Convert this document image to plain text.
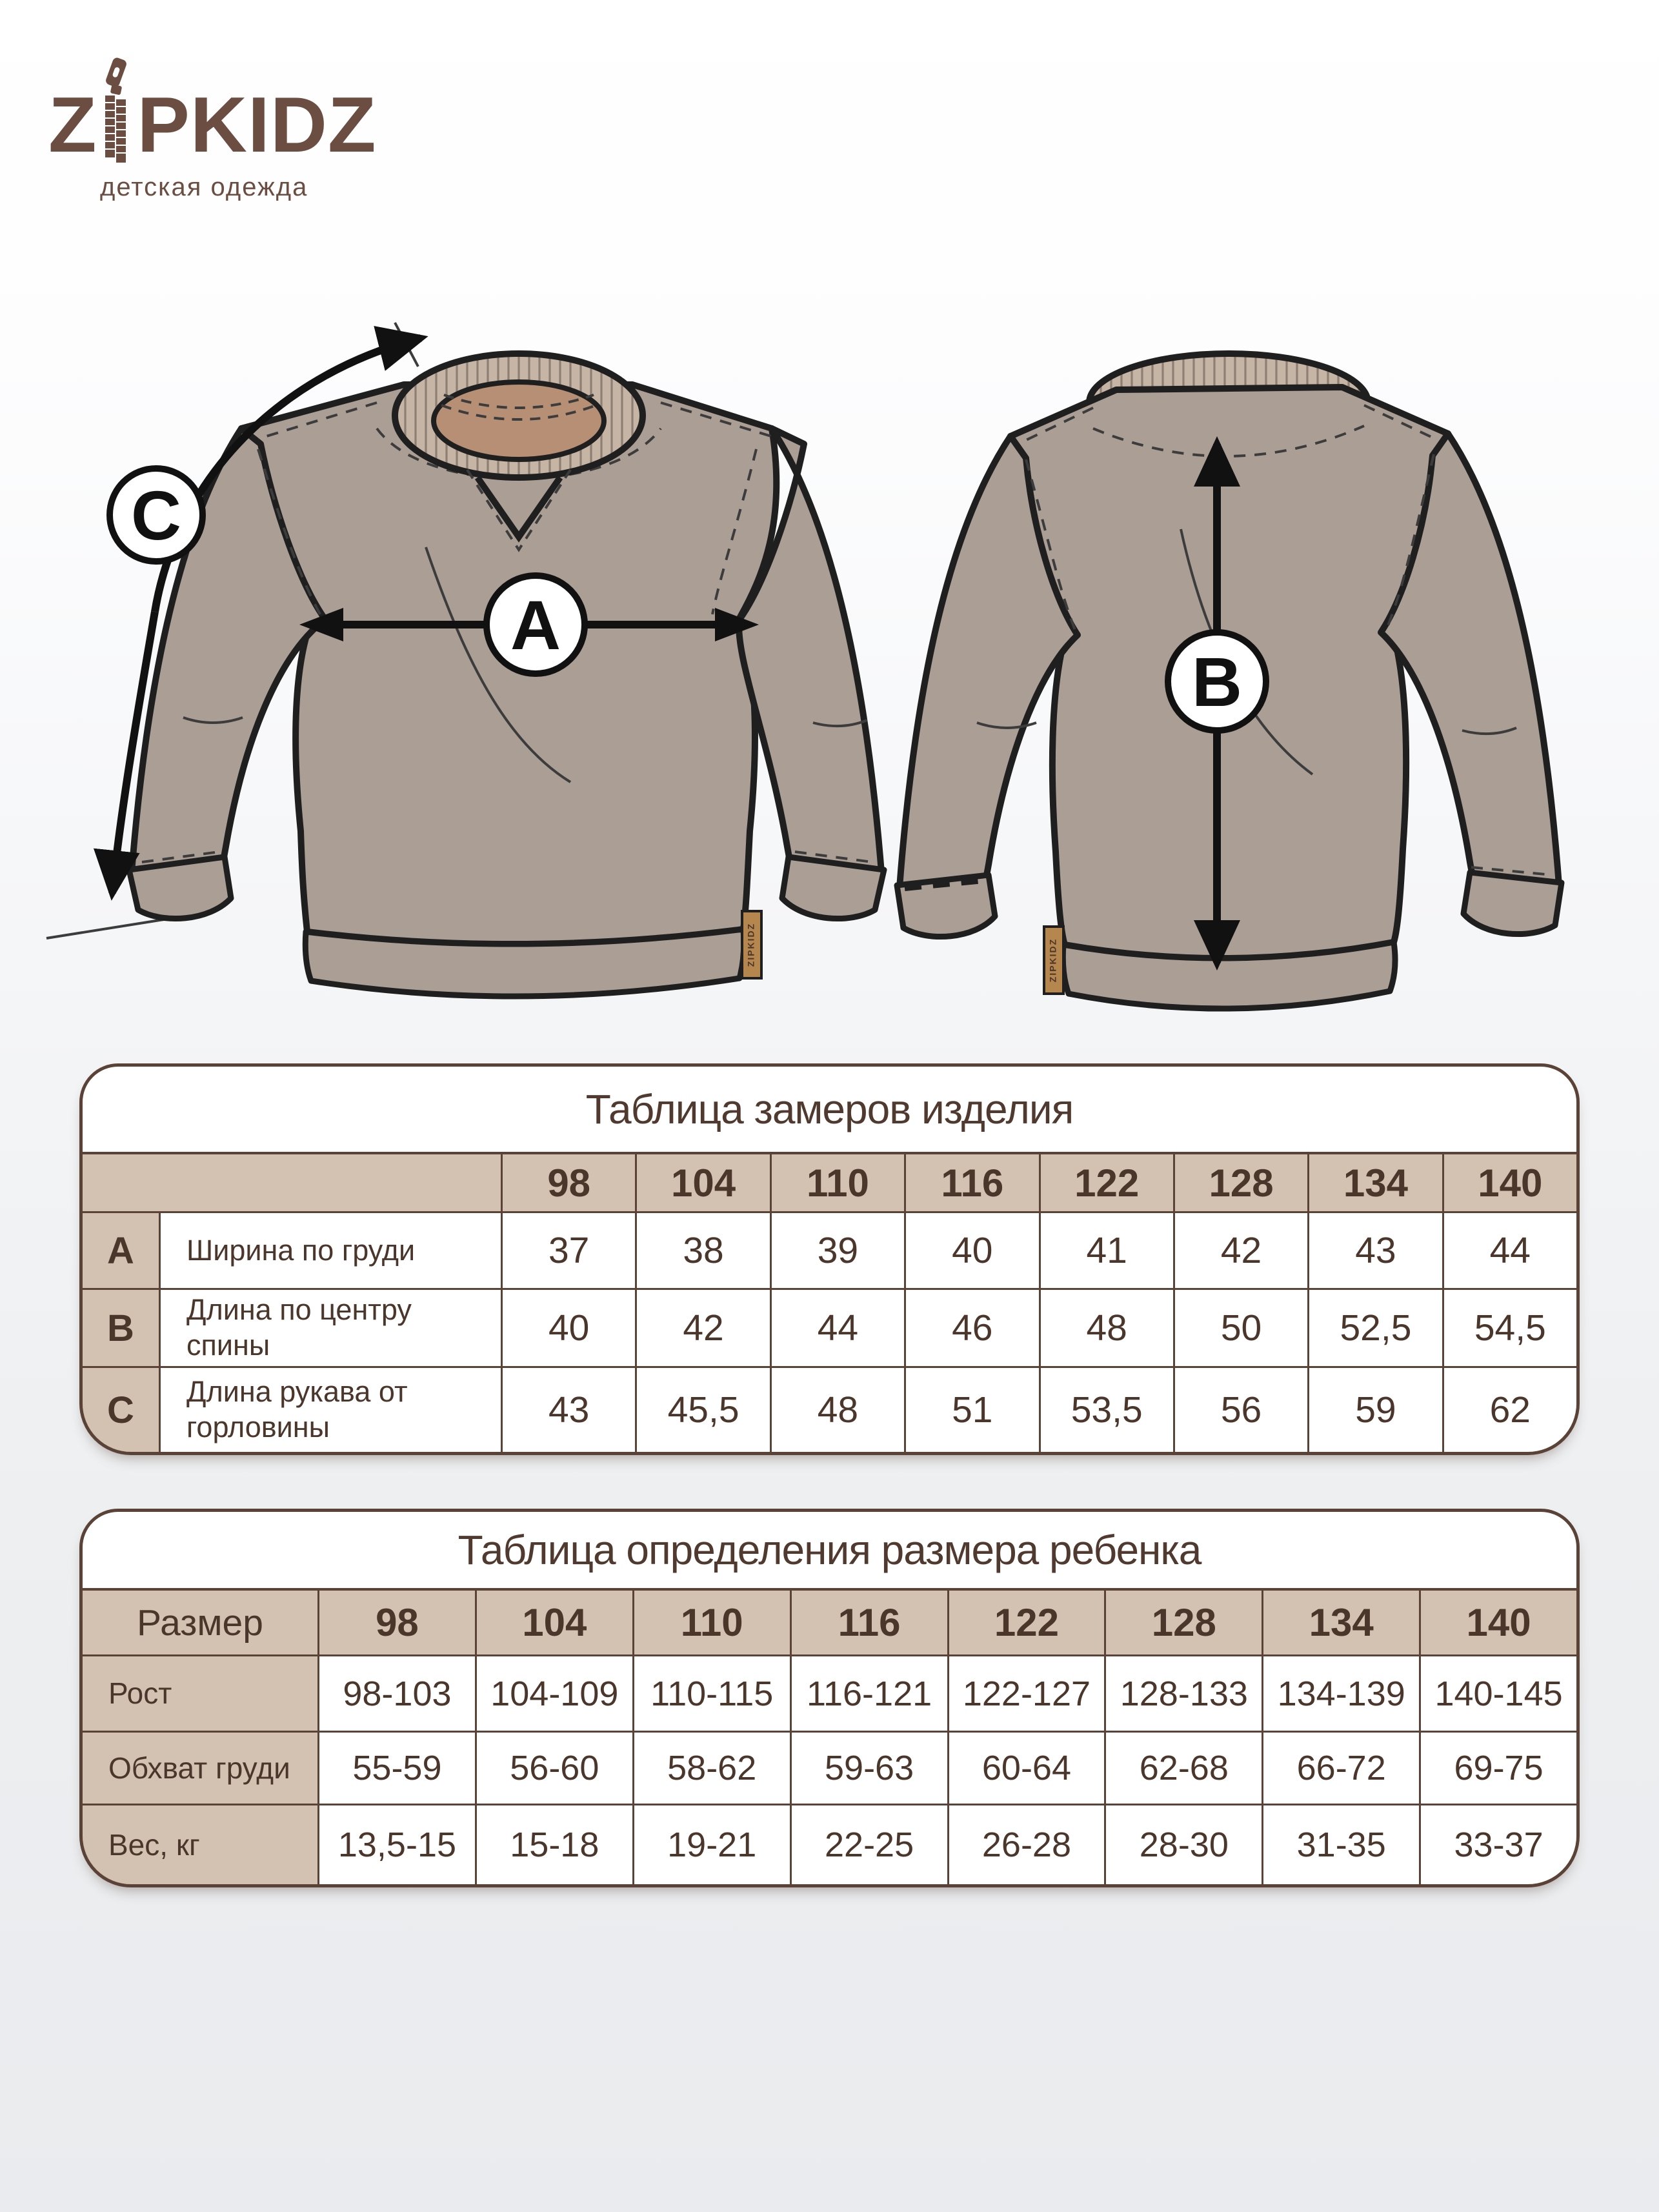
Z PKIDZ
детская одежда
ZIPKIDZ
C
A
ZIPKIDZ
B
Таблица замеров изделия
98	104	110	116	122	128	134	140
A	Ширина по груди	37	38	39	40	41	42	43	44
B	Длина по центру спины	40	42	44	46	48	50	52,5	54,5
C	Длина рукава от горловины	43	45,5	48	51	53,5	56	59	62
Таблица определения размера ребенка
Размер	98	104	110	116	122	128	134	140
Рост	98-103	104-109 110-115 116-121 122-127 128-133 134-139 140-145
Обхват груди	55-59	56-60	58-62	59-63	60-64	62-68	66-72	69-75
Вес, кг	13,5-15	15-18	19-21	22-25	26-28	28-30	31-35	33-37
